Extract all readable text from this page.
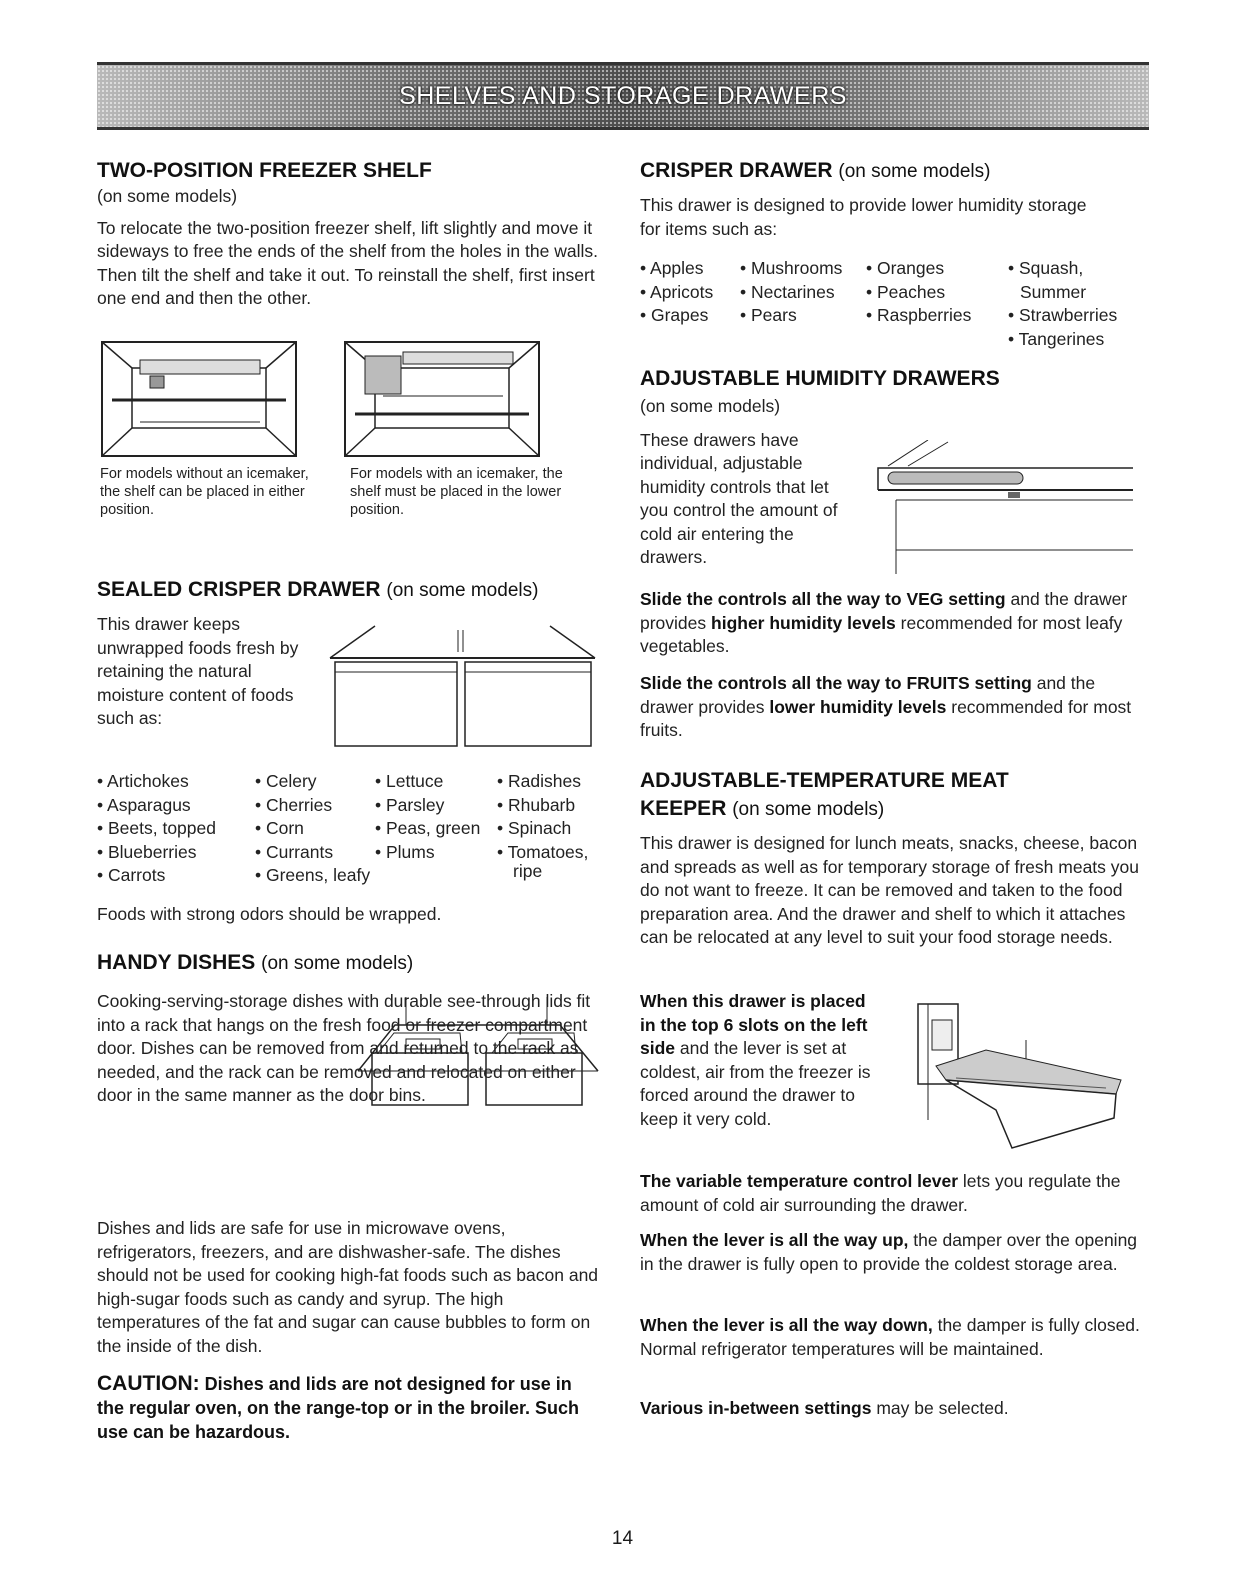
SHELVES AND STORAGE DRAWERS

TWO-POSITION FREEZER SHELF

(on some models)

To relocate the two-position freezer shelf, lift slightly and move it sideways to free the ends of the shelf from the holes in the walls. Then tilt the shelf and take it out. To reinstall the shelf, first insert one end and then the other.

For models without an icemaker, the shelf can be placed in either position.

For models with an icemaker, the shelf must be placed in the lower position.

SEALED CRISPER DRAWER (on some models)

This drawer keeps unwrapped foods fresh by retaining the natural moisture content of foods such as:

• Artichokes	• Celery	• Lettuce	• Radishes
• Asparagus	• Cherries	• Parsley	• Rhubarb
• Beets, topped	• Corn	• Peas, green • Spinach
• Blueberries	• Currants	• Plums	• Tomatoes,
• Carrots	• Greens, leafy	ripe

Foods with strong odors should be wrapped.

HANDY DISHES (on some models)

Cooking-serving-storage dishes with durable see-through lids fit into a rack that hangs on the fresh food or freezer compartment door. Dishes can be removed from and returned to the rack as needed, and the rack can be removed and relocated on either door in the same manner as the door bins.

Dishes and lids are safe for use in microwave ovens, refrigerators, freezers, and are dishwasher-safe. The dishes should not be used for cooking high-fat foods such as bacon and high-sugar foods such as candy and syrup. The high temperatures of the fat and sugar can cause bubbles to form on the inside of the dish.

CAUTION: Dishes and lids are not designed for use in the regular oven, on the range-top or in the broiler. Such use can be hazardous.

CRISPER DRAWER (on some models)

This drawer is designed to provide lower humidity storage for items such as:

• Apples	• Mushrooms	• Oranges	• Squash,
• Apricots	• Nectarines	• Peaches	Summer
• Grapes	• Pears	• Raspberries	• Strawberries
• Tangerines

ADJUSTABLE HUMIDITY DRAWERS

(on some models)

These drawers have individual, adjustable humidity controls that let you control the amount of cold air entering the drawers.

Slide the controls all the way to VEG setting and the drawer provides higher humidity levels recommended for most leafy vegetables.

Slide the controls all the way to FRUITS setting and the drawer provides lower humidity levels recommended for most fruits.

ADJUSTABLE-TEMPERATURE MEAT

KEEPER (on some models)

This drawer is designed for lunch meats, snacks, cheese, bacon and spreads as well as for temporary storage of fresh meats you do not want to freeze. It can be removed and taken to the food preparation area. And the drawer and shelf to which it attaches can be relocated at any level to suit your food storage needs.

When this drawer is placed in the top 6 slots on the left side and the lever is set at coldest, air from the freezer is forced around the drawer to keep it very cold.

The variable temperature control lever lets you regulate the amount of cold air surrounding the drawer.

When the lever is all the way up, the damper over the opening in the drawer is fully open to provide the coldest storage area.

When the lever is all the way down, the damper is fully closed. Normal refrigerator temperatures will be maintained.

Various in-between settings may be selected.

14
